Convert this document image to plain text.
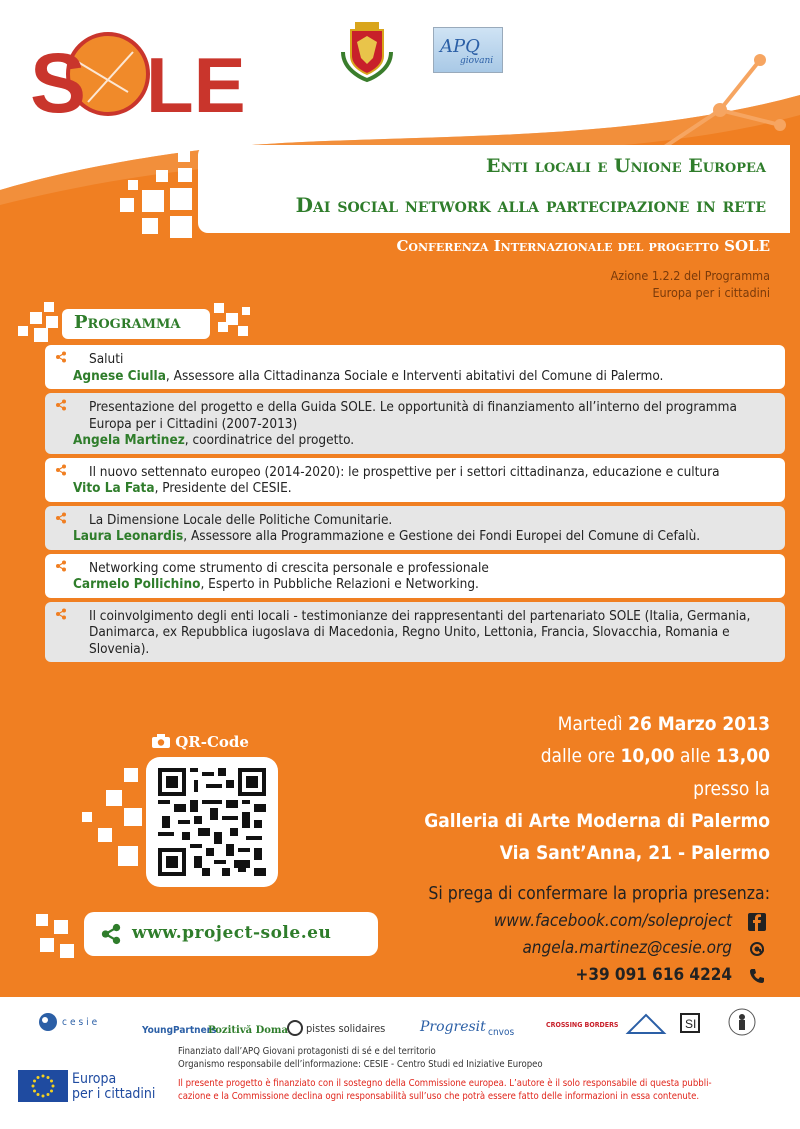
S LE	APQ
giovani
Enti locali e Unione Europea
Dai social network alla partecipazione in rete
Conferenza Internazionale del progetto SOLE
Azione 1.2.2 del Programma
Europa per i cittadini
Programma
Saluti
Agnese Ciulla, Assessore alla Cittadinanza Sociale e Interventi abitativi del Comune di Palermo.
Presentazione del progetto e della Guida SOLE. Le opportunità di finanziamento all’interno del programma Europa per i Cittadini (2007-2013)
Angela Martinez, coordinatrice del progetto.
Il nuovo settennato europeo (2014-2020): le prospettive per i settori cittadinanza, educazione e cultura
Vito La Fata, Presidente del CESIE.
La Dimensione Locale delle Politiche Comunitarie.
Laura Leonardis, Assessore alla Programmazione e Gestione dei Fondi Europei del Comune di Cefalù.
Networking come strumento di crescita personale e professionale
Carmelo Pollichino, Esperto in Pubbliche Relazioni e Networking.
Il coinvolgimento degli enti locali - testimonianze dei rappresentanti del partenariato SOLE (Italia, Germania, Danimarca, ex Repubblica iugoslava di Macedonia, Regno Unito, Lettonia, Francia, Slovacchia, Romania e Slovenia).
QR-Code
www.project-sole.eu
Martedì 26 Marzo 2013
dalle ore 10,00 alle 13,00
presso la
Galleria di Arte Moderna di Palermo
Via Sant’Anna, 21 - Palermo
Si prega di confermare la propria presenza:
www.facebook.com/soleproject
angela.martinez@cesie.org
+39 091 616 4224
cesie
YoungPartners
Pozitivă Doma pistes solidaires Progresit cnvos
CROSSING BORDERS	SI
Finanziato dall’APQ Giovani protagonisti di sé e del territorio
Organismo responsabile dell’informazione: CESIE - Centro Studi ed Iniziative Europeo
Europa
per i cittadini
Il presente progetto è finanziato con il sostegno della Commissione europea. L’autore è il solo responsabile di questa pubbli-
cazione e la Commissione declina ogni responsabilità sull’uso che potrà essere fatto delle informazioni in essa contenute.
